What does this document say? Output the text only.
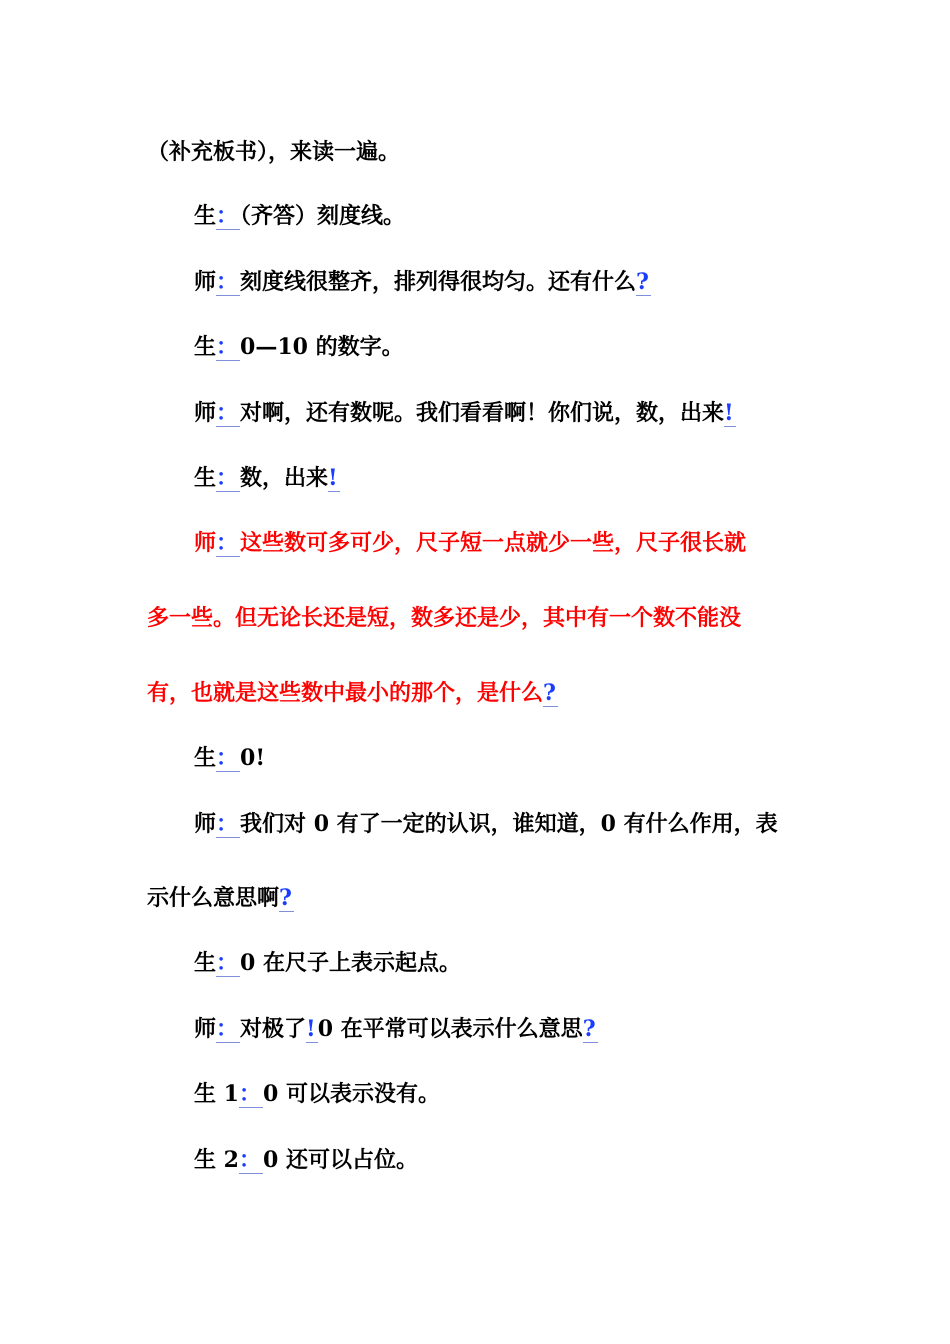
（补充板书），来读一遍。
生：（齐答）刻度线。
师：刻度线很整齐，排列得很均匀。还有什么?
生：0—10 的数字。
师：对啊，还有数呢。我们看看啊！你们说，数，出来!
生：数，出来!
师：这些数可多可少，尺子短一点就少一些，尺子很长就
多一些。但无论长还是短，数多还是少，其中有一个数不能没
有，也就是这些数中最小的那个，是什么?
生：0!
师：我们对 0 有了一定的认识，谁知道，0 有什么作用，表
示什么意思啊?
生：0 在尺子上表示起点。
师：对极了!0 在平常可以表示什么意思?
生 1：0 可以表示没有。
生 2：0 还可以占位。
